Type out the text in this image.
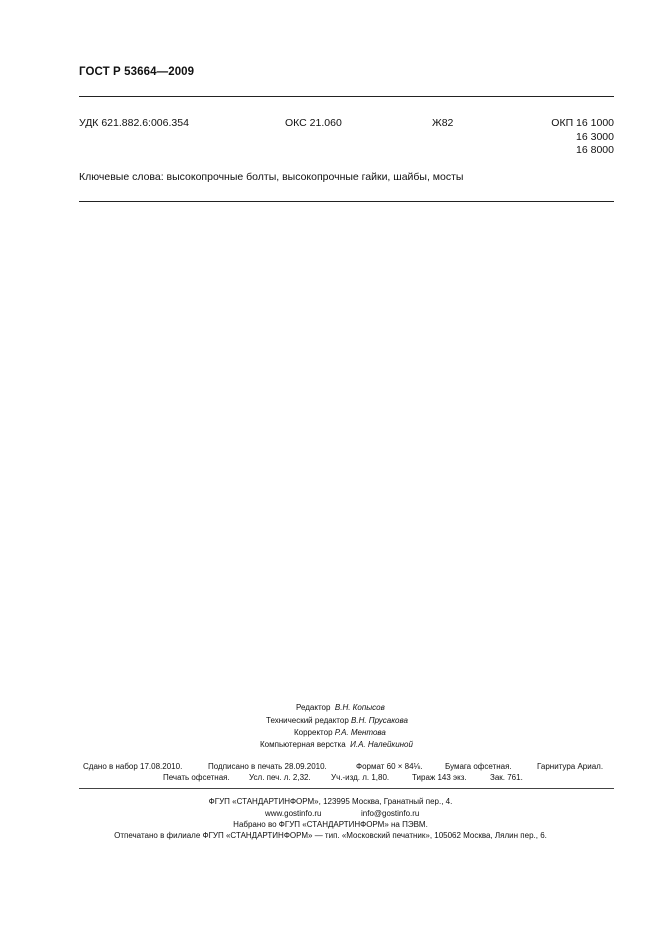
ГОСТ Р 53664—2009
УДК 621.882.6:006.354	ОКС 21.060	Ж82	ОКП 16 1000
16 3000
16 8000
Ключевые слова: высокопрочные болты, высокопрочные гайки, шайбы, мосты
Редактор В.Н. Копысов
Технический редактор В.Н. Прусакова
Корректор Р.А. Ментова
Компьютерная верстка И.А. Налейкиной
Сдано в набор 17.08.2010.	Подписано в печать 28.09.2010.	Формат 60 × 84⅛.	Бумага офсетная.	Гарнитура Ариал.
Печать офсетная. Усл. печ. л. 2,32.	Уч.-изд. л. 1,80.	Тираж 143 экз.	Зак. 761.
ФГУП «СТАНДАРТИНФОРМ», 123995 Москва, Гранатный пер., 4.
www.gostinfo.ru	info@gostinfo.ru
Набрано во ФГУП «СТАНДАРТИНФОРМ» на ПЭВМ.
Отпечатано в филиале ФГУП «СТАНДАРТИНФОРМ» — тип. «Московский печатник», 105062 Москва, Лялин пер., 6.
